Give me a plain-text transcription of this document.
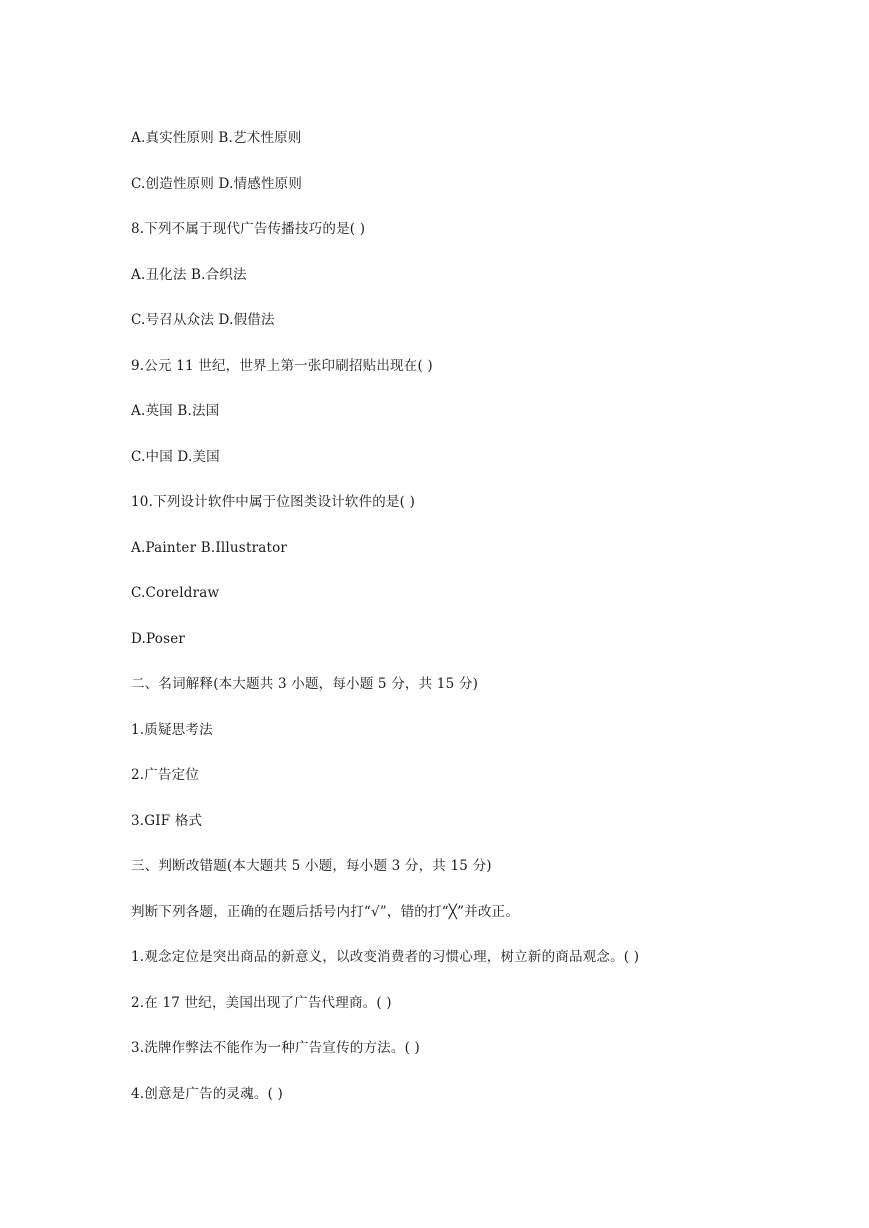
A.真实性原则 B.艺术性原则
C.创造性原则 D.情感性原则
8.下列不属于现代广告传播技巧的是( )
A.丑化法 B.合织法
C.号召从众法 D.假借法
9.公元 11 世纪，世界上第一张印刷招贴出现在( )
A.英国 B.法国
C.中国 D.美国
10.下列设计软件中属于位图类设计软件的是( )
A.Painter B.Illustrator
C.Coreldraw
D.Poser
二、名词解释(本大题共 3 小题，每小题 5 分，共 15 分)
1.质疑思考法
2.广告定位
3.GIF 格式
三、判断改错题(本大题共 5 小题，每小题 3 分，共 15 分)
判断下列各题，正确的在题后括号内打“√”，错的打“╳”并改正。
1.观念定位是突出商品的新意义，以改变消费者的习惯心理，树立新的商品观念。( )
2.在 17 世纪，美国出现了广告代理商。( )
3.洗牌作弊法不能作为一种广告宣传的方法。( )
4.创意是广告的灵魂。( )
